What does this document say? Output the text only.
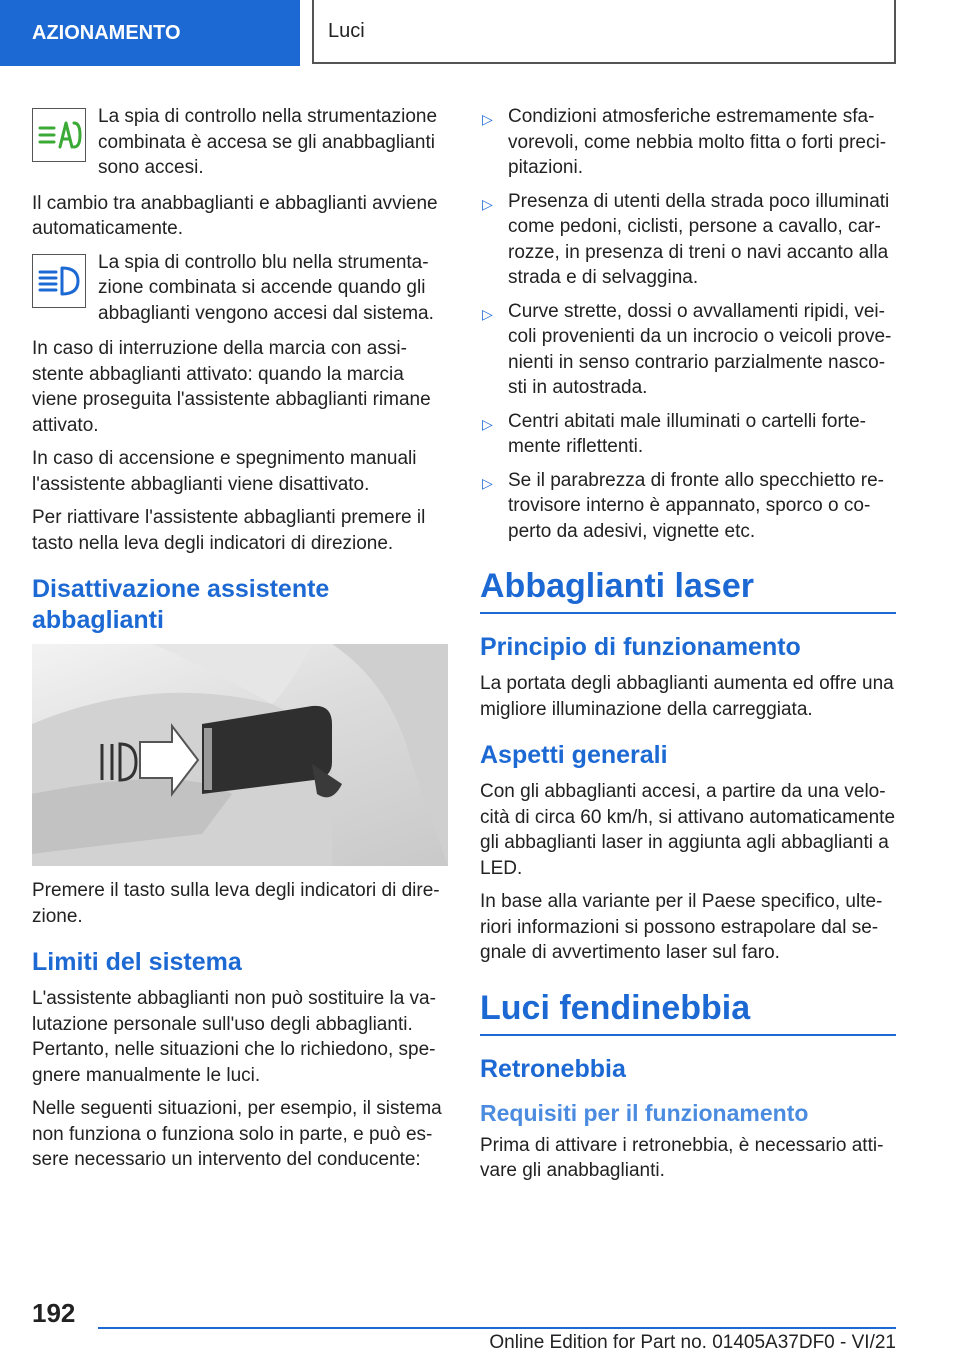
AZIONAMENTO	Luci
La spia di controllo nella strumentazione combinata è accesa se gli anabbaglianti sono accesi.

Il cambio tra anabbaglianti e abbaglianti avviene automaticamente.

La spia di controllo blu nella strumenta-zione combinata si accende quando gli abbaglianti vengono accesi dal sistema.

In caso di interruzione della marcia con assi-stente abbaglianti attivato: quando la marcia viene proseguita l'assistente abbaglianti rimane attivato.

In caso di accensione e spegnimento manuali l'assistente abbaglianti viene disattivato.

Per riattivare l'assistente abbaglianti premere il tasto nella leva degli indicatori di direzione.

Disattivazione assistente abbaglianti

Premere il tasto sulla leva degli indicatori di dire-zione.

Limiti del sistema

L'assistente abbaglianti non può sostituire la va-lutazione personale sull'uso degli abbaglianti. Pertanto, nelle situazioni che lo richiedono, spe-gnere manualmente le luci.

Nelle seguenti situazioni, per esempio, il sistema non funziona o funziona solo in parte, e può es-sere necessario un intervento del conducente:

▷ Condizioni atmosferiche estremamente sfa-vorevoli, come nebbia molto fitta o forti preci-pitazioni.
▷ Presenza di utenti della strada poco illuminati come pedoni, ciclisti, persone a cavallo, car-rozze, in presenza di treni o navi accanto alla strada e di selvaggina.
▷ Curve strette, dossi o avvallamenti ripidi, vei-coli provenienti da un incrocio o veicoli prove-nienti in senso contrario parzialmente nasco-sti in autostrada.
▷ Centri abitati male illuminati o cartelli forte-mente riflettenti.
▷ Se il parabrezza di fronte allo specchietto re-trovisore interno è appannato, sporco o co-perto da adesivi, vignette etc.
Abbaglianti laser
Principio di funzionamento

La portata degli abbaglianti aumenta ed offre una migliore illuminazione della carreggiata.

Aspetti generali

Con gli abbaglianti accesi, a partire da una velo-cità di circa 60 km/h, si attivano automaticamente gli abbaglianti laser in aggiunta agli abbaglianti a LED.

In base alla variante per il Paese specifico, ulte-riori informazioni si possono estrapolare dal se-gnale di avvertimento laser sul faro.

Luci fendinebbia
Retronebbia
Requisiti per il funzionamento

Prima di attivare i retronebbia, è necessario atti-vare gli anabbaglianti.

192
Online Edition for Part no. 01405A37DF0 - VI/21
